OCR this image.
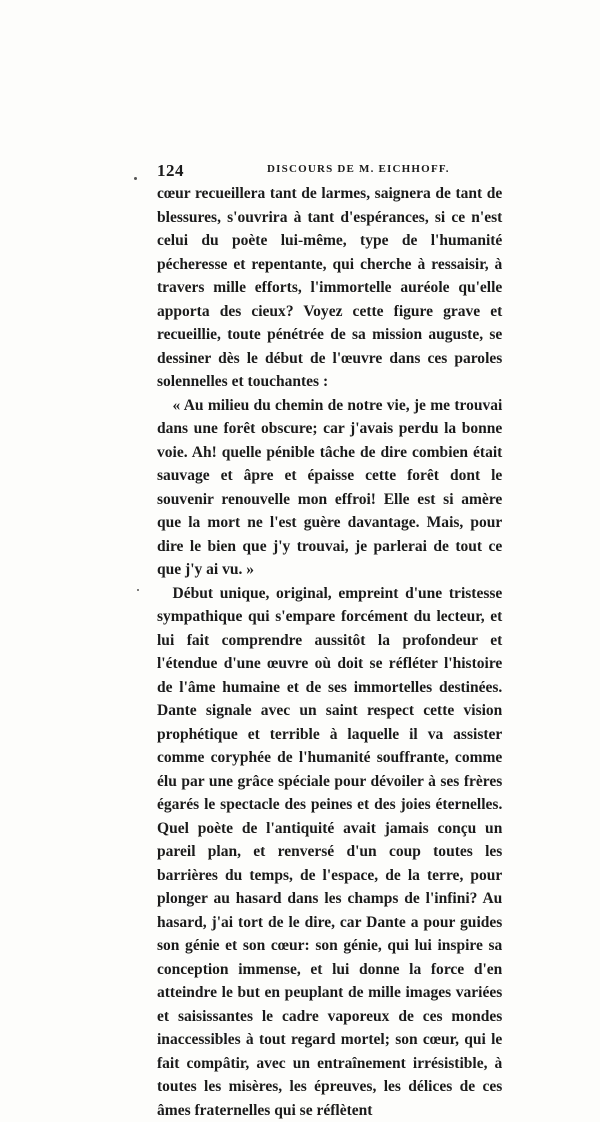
124	DISCOURS DE M. EICHHOFF.

cœur recueillera tant de larmes, saignera de tant de blessures, s'ouvrira à tant d'espérances, si ce n'est celui du poète lui-même, type de l'humanité pécheresse et repentante, qui cherche à ressaisir, à travers mille efforts, l'immortelle auréole qu'elle apporta des cieux? Voyez cette figure grave et recueillie, toute pénétrée de sa mission auguste, se dessiner dès le début de l'œuvre dans ces paroles solennelles et touchantes :

« Au milieu du chemin de notre vie, je me trouvai dans une forêt obscure; car j'avais perdu la bonne voie. Ah! quelle pénible tâche de dire combien était sauvage et âpre et épaisse cette forêt dont le souvenir renouvelle mon effroi! Elle est si amère que la mort ne l'est guère davantage. Mais, pour dire le bien que j'y trouvai, je parlerai de tout ce que j'y ai vu. »

Début unique, original, empreint d'une tristesse sympathique qui s'empare forcément du lecteur, et lui fait comprendre aussitôt la profondeur et l'étendue d'une œuvre où doit se réfléter l'histoire de l'âme humaine et de ses immortelles destinées. Dante signale avec un saint respect cette vision prophétique et terrible à laquelle il va assister comme coryphée de l'humanité souffrante, comme élu par une grâce spéciale pour dévoiler à ses frères égarés le spectacle des peines et des joies éternelles. Quel poète de l'antiquité avait jamais conçu un pareil plan, et renversé d'un coup toutes les barrières du temps, de l'espace, de la terre, pour plonger au hasard dans les champs de l'infini? Au hasard, j'ai tort de le dire, car Dante a pour guides son génie et son cœur: son génie, qui lui inspire sa conception immense, et lui donne la force d'en atteindre le but en peuplant de mille images variées et saisissantes le cadre vaporeux de ces mondes inaccessibles à tout regard mortel; son cœur, qui le fait compâtir, avec un entraînement irrésistible, à toutes les misères, les épreuves, les délices de ces âmes fraternelles qui se réflètent
